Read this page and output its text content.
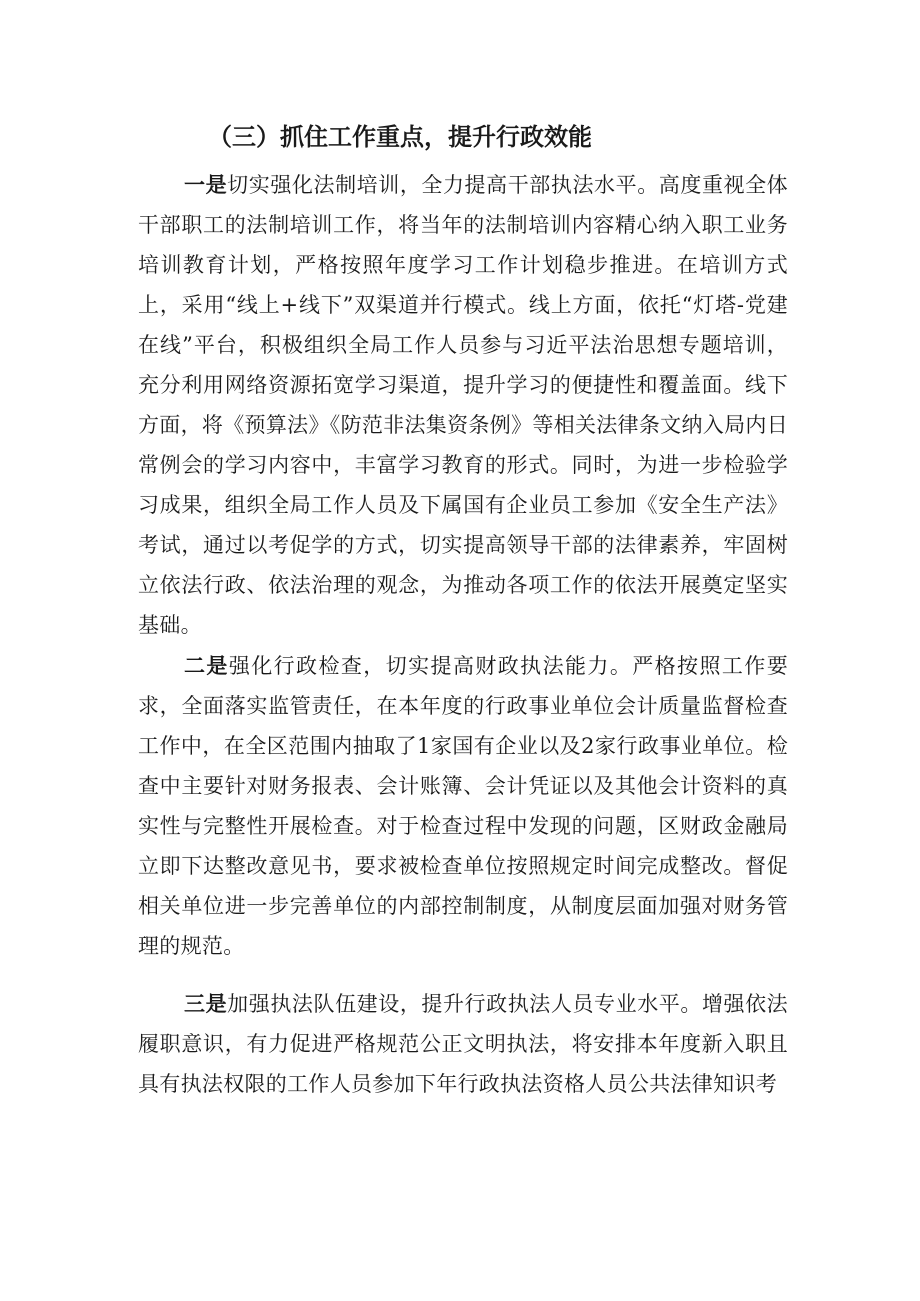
（三）抓住工作重点，提升行政效能

一是切实强化法制培训，全力提高干部执法水平。高度重视全体干部职工的法制培训工作，将当年的法制培训内容精心纳入职工业务培训教育计划，严格按照年度学习工作计划稳步推进。在培训方式上，采用“线上+线下”双渠道并行模式。线上方面，依托“灯塔-党建在线”平台，积极组织全局工作人员参与习近平法治思想专题培训，充分利用网络资源拓宽学习渠道，提升学习的便捷性和覆盖面。线下方面，将《预算法》《防范非法集资条例》等相关法律条文纳入局内日常例会的学习内容中，丰富学习教育的形式。同时，为进一步检验学习成果，组织全局工作人员及下属国有企业员工参加《安全生产法》考试，通过以考促学的方式，切实提高领导干部的法律素养，牢固树立依法行政、依法治理的观念，为推动各项工作的依法开展奠定坚实基础。

二是强化行政检查，切实提高财政执法能力。严格按照工作要求，全面落实监管责任，在本年度的行政事业单位会计质量监督检查工作中，在全区范围内抽取了1家国有企业以及2家行政事业单位。检查中主要针对财务报表、会计账簿、会计凭证以及其他会计资料的真实性与完整性开展检查。对于检查过程中发现的问题，区财政金融局立即下达整改意见书，要求被检查单位按照规定时间完成整改。督促相关单位进一步完善单位的内部控制制度，从制度层面加强对财务管理的规范。

三是加强执法队伍建设，提升行政执法人员专业水平。增强依法履职意识，有力促进严格规范公正文明执法，将安排本年度新入职且具有执法权限的工作人员参加下年行政执法资格人员公共法律知识考
